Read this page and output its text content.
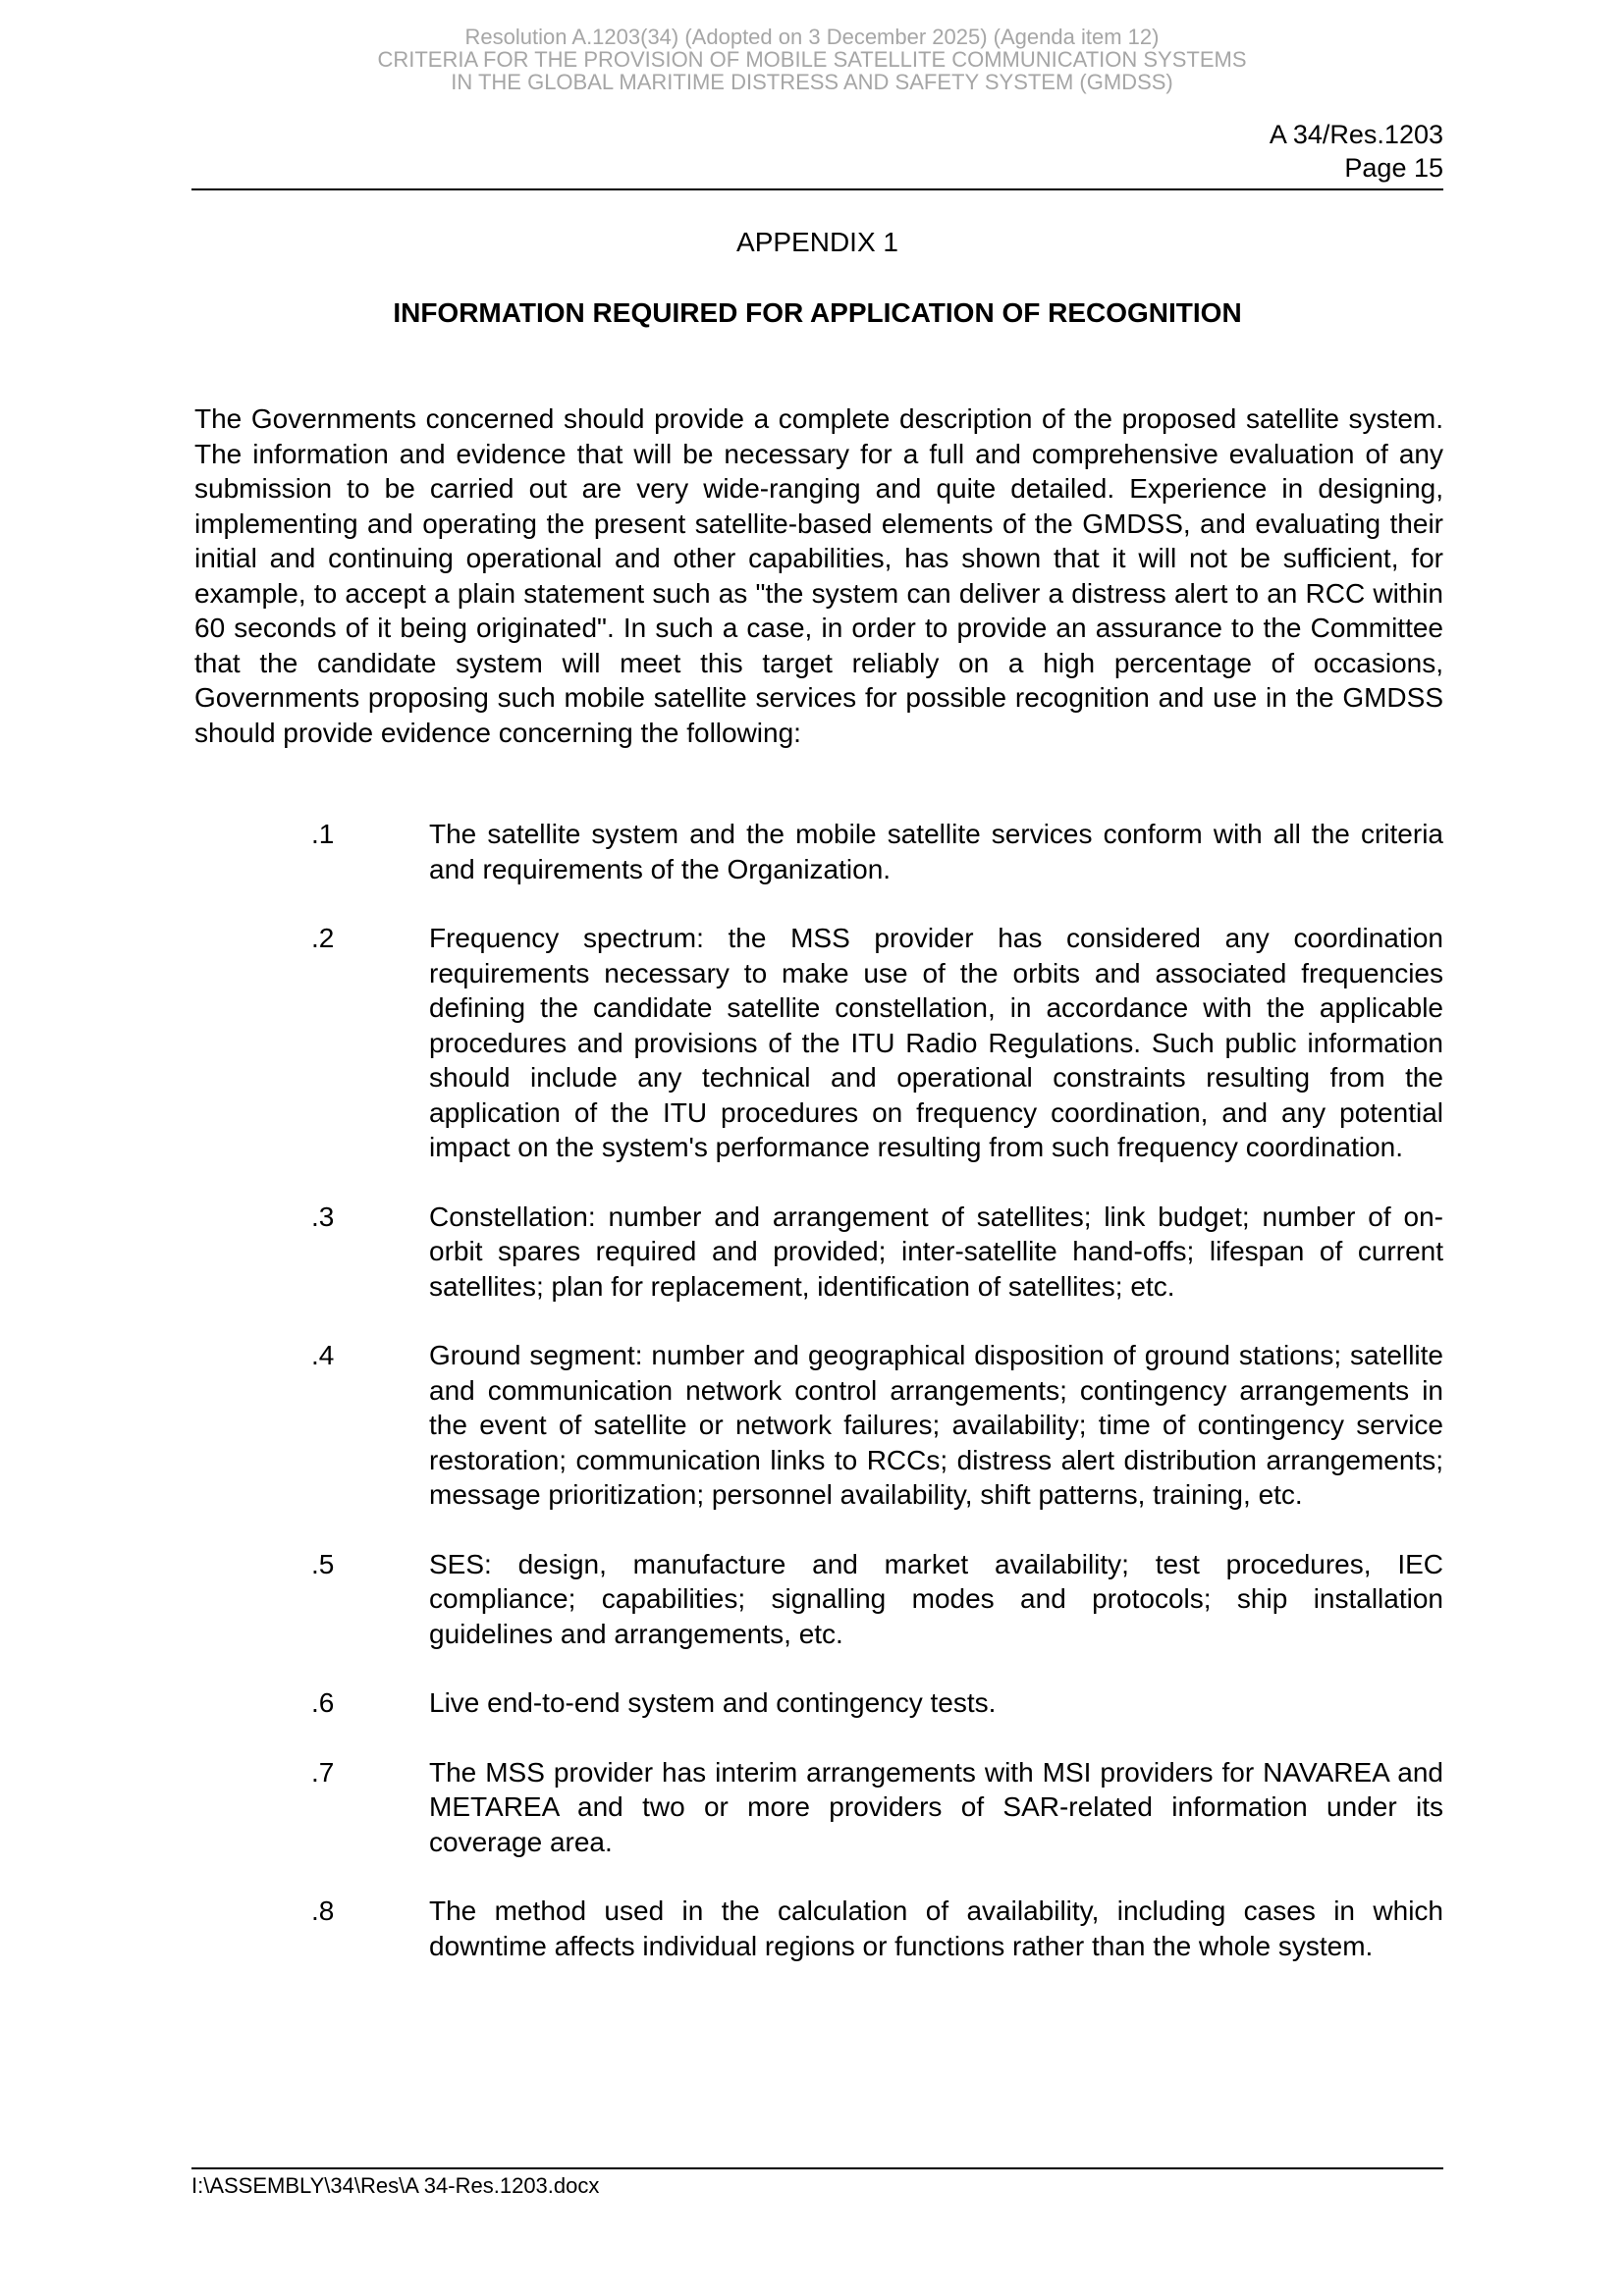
Resolution A.1203(34) (Adopted on 3 December 2025) (Agenda item 12)
CRITERIA FOR THE PROVISION OF MOBILE SATELLITE COMMUNICATION SYSTEMS
IN THE GLOBAL MARITIME DISTRESS AND SAFETY SYSTEM (GMDSS)
A 34/Res.1203
Page 15
APPENDIX 1
INFORMATION REQUIRED FOR APPLICATION OF RECOGNITION

The Governments concerned should provide a complete description of the proposed satellite system. The information and evidence that will be necessary for a full and comprehensive evaluation of any submission to be carried out are very wide-ranging and quite detailed. Experience in designing, implementing and operating the present satellite-based elements of the GMDSS, and evaluating their initial and continuing operational and other capabilities, has shown that it will not be sufficient, for example, to accept a plain statement such as "the system can deliver a distress alert to an RCC within 60 seconds of it being originated". In such a case, in order to provide an assurance to the Committee that the candidate system will meet this target reliably on a high percentage of occasions, Governments proposing such mobile satellite services for possible recognition and use in the GMDSS should provide evidence concerning the following:

.1	The satellite system and the mobile satellite services conform with all the criteria and requirements of the Organization.
.2	Frequency spectrum: the MSS provider has considered any coordination requirements necessary to make use of the orbits and associated frequencies defining the candidate satellite constellation, in accordance with the applicable procedures and provisions of the ITU Radio Regulations. Such public information should include any technical and operational constraints resulting from the application of the ITU procedures on frequency coordination, and any potential impact on the system's performance resulting from such frequency coordination.
.3	Constellation: number and arrangement of satellites; link budget; number of on-orbit spares required and provided; inter-satellite hand-offs; lifespan of current satellites; plan for replacement, identification of satellites; etc.
.4	Ground segment: number and geographical disposition of ground stations; satellite and communication network control arrangements; contingency arrangements in the event of satellite or network failures; availability; time of contingency service restoration; communication links to RCCs; distress alert distribution arrangements; message prioritization; personnel availability, shift patterns, training, etc.
.5	SES: design, manufacture and market availability; test procedures, IEC compliance; capabilities; signalling modes and protocols; ship installation guidelines and arrangements, etc.
.6	Live end-to-end system and contingency tests.
.7	The MSS provider has interim arrangements with MSI providers for NAVAREA and METAREA and two or more providers of SAR-related information under its coverage area.
.8	The method used in the calculation of availability, including cases in which downtime affects individual regions or functions rather than the whole system.
I:\ASSEMBLY\34\Res\A 34-Res.1203.docx
